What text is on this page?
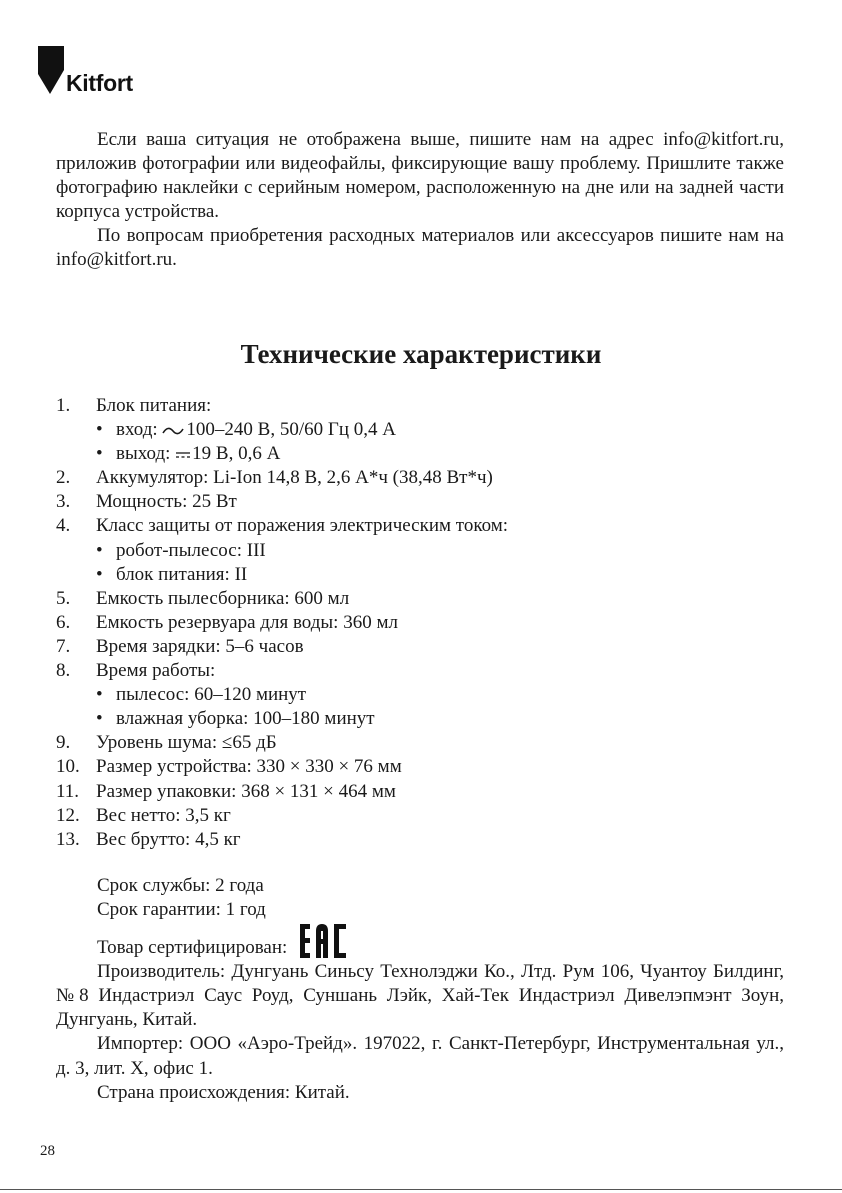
Kitfort

Если ваша ситуация не отображена выше, пишите нам на адрес info@kitfort.ru, приложив фотографии или видеофайлы, фиксирующие вашу проблему. Пришлите также фотографию наклейки с серийным номером, расположенную на дне или на задней части корпуса устройства.

По вопросам приобретения расходных материалов или аксессуаров пишите нам на info@kitfort.ru.

Технические характеристики
1.	Блок питания:
• вход: 100–240 В, 50/60 Гц 0,4 А
• выход: 19 В, 0,6 А
2.	Аккумулятор: Li-Ion 14,8 В, 2,6 А*ч (38,48 Вт*ч)
3.	Мощность: 25 Вт
4.	Класс защиты от поражения электрическим током:
• робот-пылесос: III
• блок питания: II
5.	Емкость пылесборника: 600 мл
6.	Емкость резервуара для воды: 360 мл
7.	Время зарядки: 5–6 часов
8.	Время работы:
• пылесос: 60–120 минут
• влажная уборка: 100–180 минут
9.	Уровень шума: ≤65 дБ
10. Размер устройства: 330 × 330 × 76 мм
11. Размер упаковки: 368 × 131 × 464 мм
12. Вес нетто: 3,5 кг
13. Вес брутто: 4,5 кг

Срок службы: 2 года

Срок гарантии: 1 год

Товар сертифицирован:

Производитель: Дунгуань Синьсу Технолэджи Ко., Лтд. Рум 106, Чуантоу Билдинг, №8 Индастриэл Саус Роуд, Суншань Лэйк, Хай-Тек Индастриэл Дивелэпмэнт Зоун, Дунгуань, Китай.

Импортер: ООО «Аэро-Трейд». 197022, г. Санкт-Петербург, Инструментальная ул., д. 3, лит. Х, офис 1.

Страна происхождения: Китай.

28
